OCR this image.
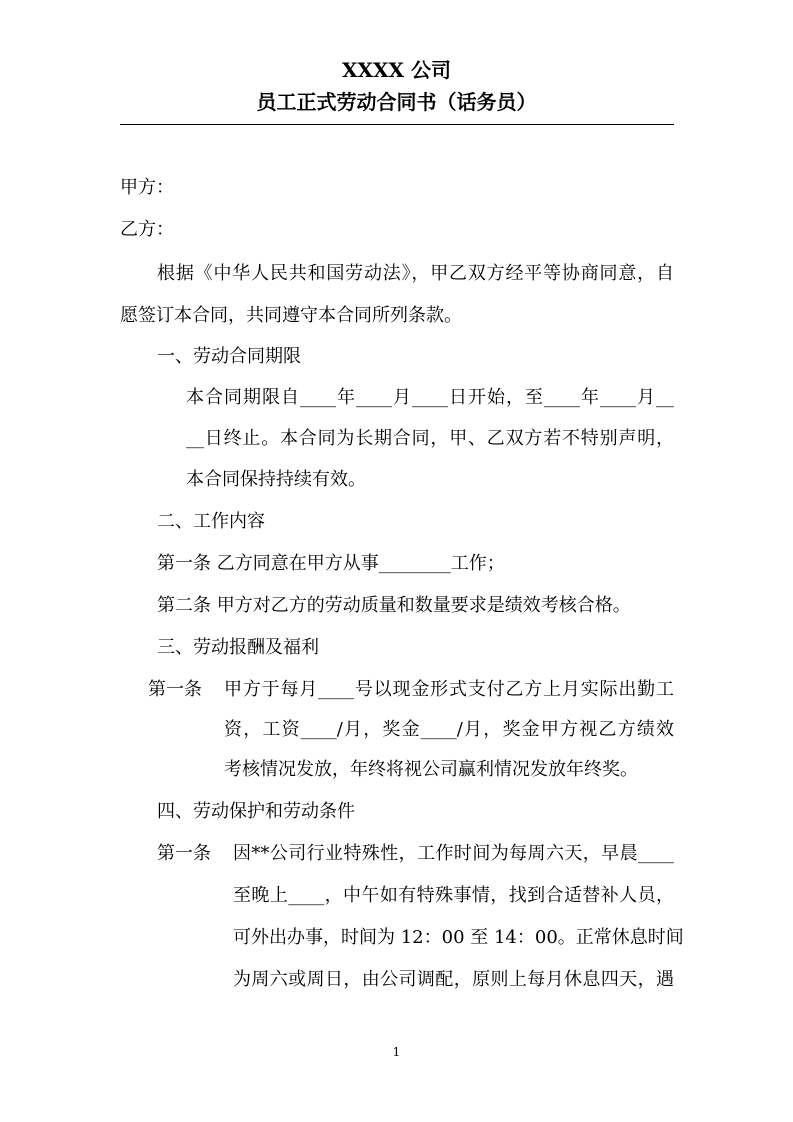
XXXX 公司
员工正式劳动合同书（话务员）
甲方：
乙方：
根据《中华人民共和国劳动法》，甲乙双方经平等协商同意，自
愿签订本合同，共同遵守本合同所列条款。
一、劳动合同期限
本合同期限自____年____月____日开始，至____年____月__
__日终止。本合同为长期合同，甲、乙双方若不特别声明，
本合同保持持续有效。
二、工作内容
第一条 乙方同意在甲方从事________工作；
第二条 甲方对乙方的劳动质量和数量要求是绩效考核合格。
三、劳动报酬及福利
第一条 甲方于每月____号以现金形式支付乙方上月实际出勤工
资，工资____/月，奖金____/月，奖金甲方视乙方绩效
考核情况发放，年终将视公司赢利情况发放年终奖。
四、劳动保护和劳动条件
第一条 因**公司行业特殊性，工作时间为每周六天，早晨____
至晚上____，中午如有特殊事情，找到合适替补人员，
可外出办事，时间为 12：00 至 14：00。正常休息时间
为周六或周日，由公司调配，原则上每月休息四天，遇
1
